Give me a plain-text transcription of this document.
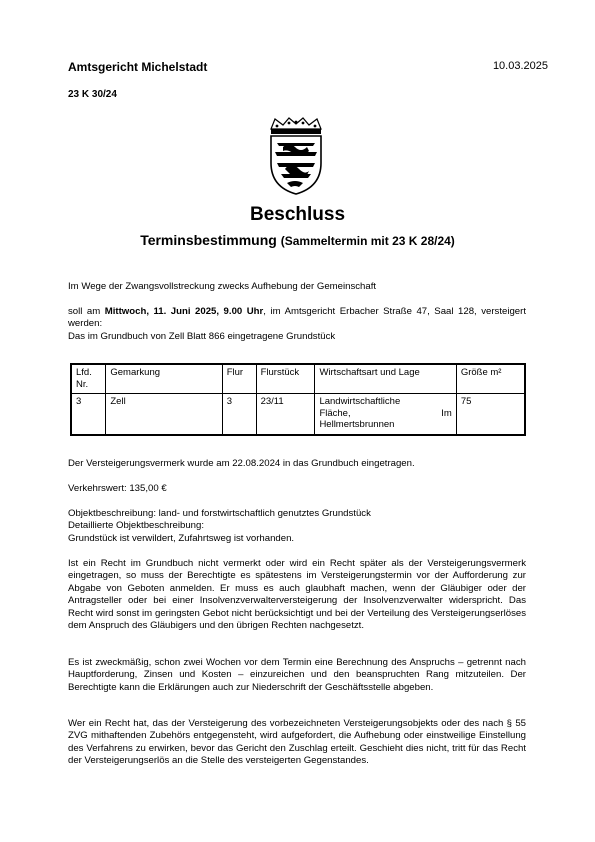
Amtsgericht Michelstadt	10.03.2025
23 K 30/24
Beschluss
Terminsbestimmung (Sammeltermin mit 23 K 28/24)
Im Wege der Zwangsvollstreckung zwecks Aufhebung der Gemeinschaft
soll am Mittwoch, 11. Juni 2025, 9.00 Uhr, im Amtsgericht Erbacher Straße 47, Saal 128, versteigert werden:
Das im Grundbuch von Zell Blatt 866 eingetragene Grundstück
Lfd. Nr.	Gemarkung	Flur	Flurstück	Wirtschaftsart und Lage	Größe m²
3	Zell	3	23/11	Landwirtschaftliche
Fläche, Im
Hellmertsbrunnen	75
Der Versteigerungsvermerk wurde am 22.08.2024 in das Grundbuch eingetragen.
Verkehrswert: 135,00 €
Objektbeschreibung: land- und forstwirtschaftlich genutztes Grundstück
Detaillierte Objektbeschreibung:
Grundstück ist verwildert, Zufahrtsweg ist vorhanden.
Ist ein Recht im Grundbuch nicht vermerkt oder wird ein Recht später als der Versteigerungsvermerk eingetragen, so muss der Berechtigte es spätestens im Versteigerungstermin vor der Aufforderung zur Abgabe von Geboten anmelden. Er muss es auch glaubhaft machen, wenn der Gläubiger oder der Antragsteller oder bei einer Insolvenzverwalterversteigerung der Insolvenzverwalter widerspricht. Das Recht wird sonst im geringsten Gebot nicht berücksichtigt und bei der Verteilung des Versteigerungserlöses dem Anspruch des Gläubigers und den übrigen Rechten nachgesetzt.
Es ist zweckmäßig, schon zwei Wochen vor dem Termin eine Berechnung des Anspruchs – getrennt nach Hauptforderung, Zinsen und Kosten – einzureichen und den beanspruchten Rang mitzuteilen. Der Berechtigte kann die Erklärungen auch zur Niederschrift der Geschäftsstelle abgeben.
Wer ein Recht hat, das der Versteigerung des vorbezeichneten Versteigerungsobjekts oder des nach § 55 ZVG mithaftenden Zubehörs entgegensteht, wird aufgefordert, die Aufhebung oder einstweilige Einstellung des Verfahrens zu erwirken, bevor das Gericht den Zuschlag erteilt. Geschieht dies nicht, tritt für das Recht der Versteigerungserlös an die Stelle des versteigerten Gegenstandes.
